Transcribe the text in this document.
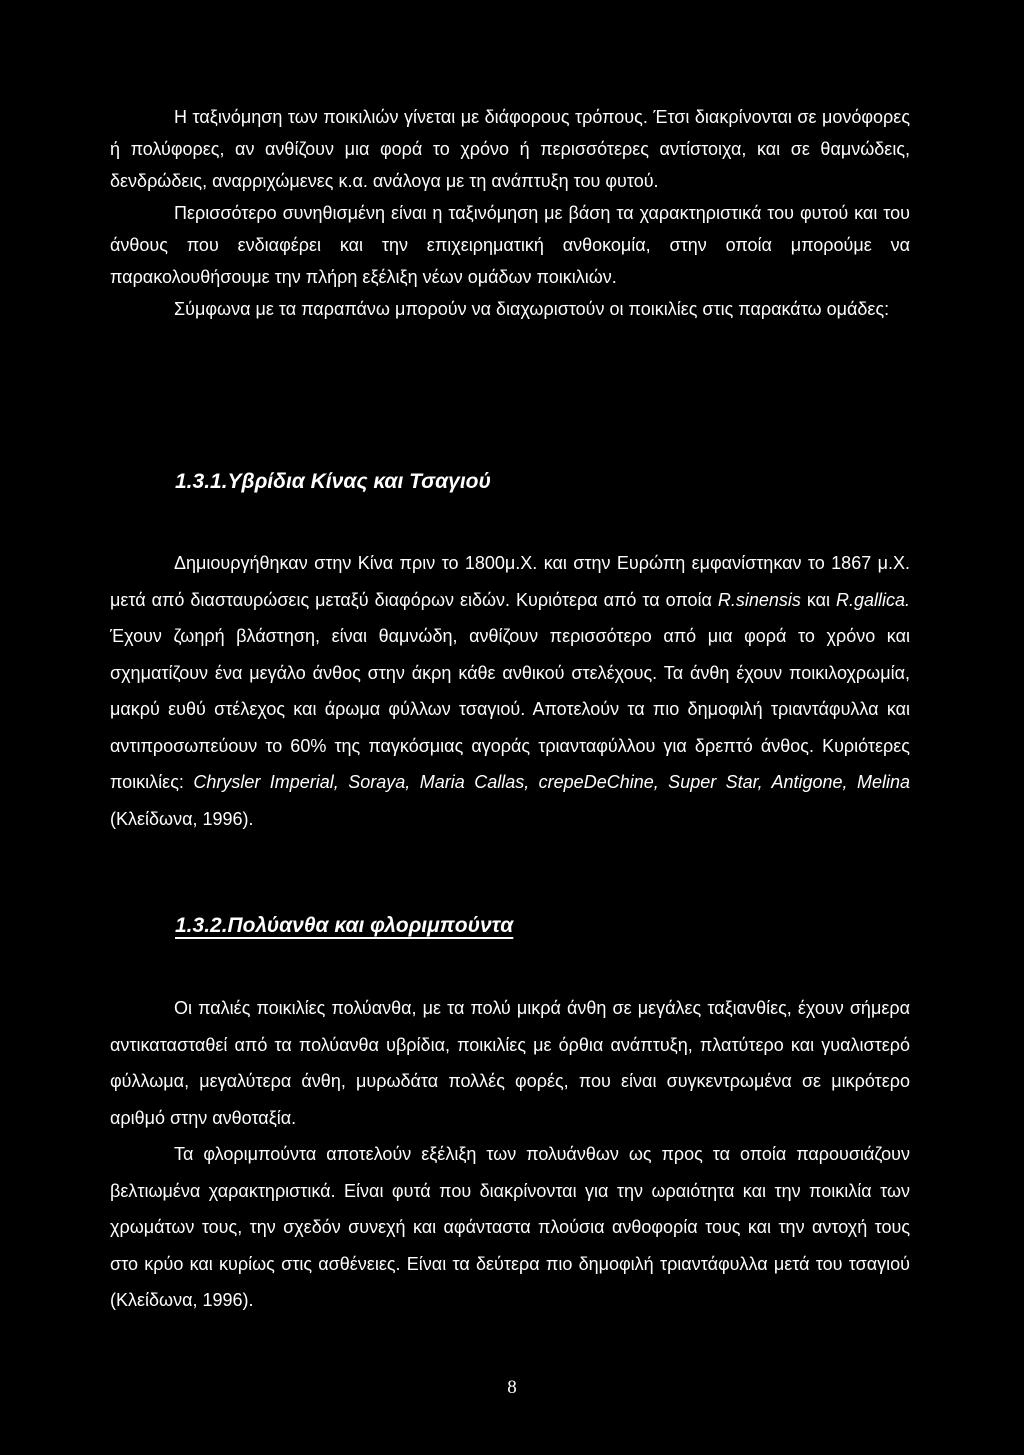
Η ταξινόμηση των ποικιλιών γίνεται με διάφορους τρόπους. Έτσι διακρίνονται σε μονόφορες ή πολύφορες, αν ανθίζουν μια φορά το χρόνο ή περισσότερες αντίστοιχα, και σε θαμνώδεις, δενδρώδεις, αναρριχώμενες κ.α. ανάλογα με τη ανάπτυξη του φυτού.

Περισσότερο συνηθισμένη είναι η ταξινόμηση με βάση τα χαρακτηριστικά του φυτού και του άνθους που ενδιαφέρει και την επιχειρηματική ανθοκομία, στην οποία μπορούμε να παρακολουθήσουμε την πλήρη εξέλιξη νέων ομάδων ποικιλιών.

Σύμφωνα με τα παραπάνω μπορούν να διαχωριστούν οι ποικιλίες στις παρακάτω ομάδες:

1.3.1.Υβρίδια Κίνας και Τσαγιού

Δημιουργήθηκαν στην Κίνα πριν το 1800μ.Χ. και στην Ευρώπη εμφανίστηκαν το 1867 μ.Χ. μετά από διασταυρώσεις μεταξύ διαφόρων ειδών. Κυριότερα από τα οποία R.sinensis και R.gallica. Έχουν ζωηρή βλάστηση, είναι θαμνώδη, ανθίζουν περισσότερο από μια φορά το χρόνο και σχηματίζουν ένα μεγάλο άνθος στην άκρη κάθε ανθικού στελέχους. Τα άνθη έχουν ποικιλοχρωμία, μακρύ ευθύ στέλεχος και άρωμα φύλλων τσαγιού. Αποτελούν τα πιο δημοφιλή τριαντάφυλλα και αντιπροσωπεύουν το 60% της παγκόσμιας αγοράς τριανταφύλλου για δρεπτό άνθος. Κυριότερες ποικιλίες: Chrysler Imperial, Soraya, Maria Callas, crepeDeChine, Super Star, Antigone, Melina (Κλείδωνα, 1996).

1.3.2.Πολύανθα και φλοριμπούντα

Οι παλιές ποικιλίες πολύανθα, με τα πολύ μικρά άνθη σε μεγάλες ταξιανθίες, έχουν σήμερα αντικατασταθεί από τα πολύανθα υβρίδια, ποικιλίες με όρθια ανάπτυξη, πλατύτερο και γυαλιστερό φύλλωμα, μεγαλύτερα άνθη, μυρωδάτα πολλές φορές, που είναι συγκεντρωμένα σε μικρότερο αριθμό στην ανθοταξία.

Τα φλοριμπούντα αποτελούν εξέλιξη των πολυάνθων ως προς τα οποία παρουσιάζουν βελτιωμένα χαρακτηριστικά. Είναι φυτά που διακρίνονται για την ωραιότητα και την ποικιλία των χρωμάτων τους, την σχεδόν συνεχή και αφάνταστα πλούσια ανθοφορία τους και την αντοχή τους στο κρύο και κυρίως στις ασθένειες. Είναι τα δεύτερα πιο δημοφιλή τριαντάφυλλα μετά του τσαγιού (Κλείδωνα, 1996).

8
